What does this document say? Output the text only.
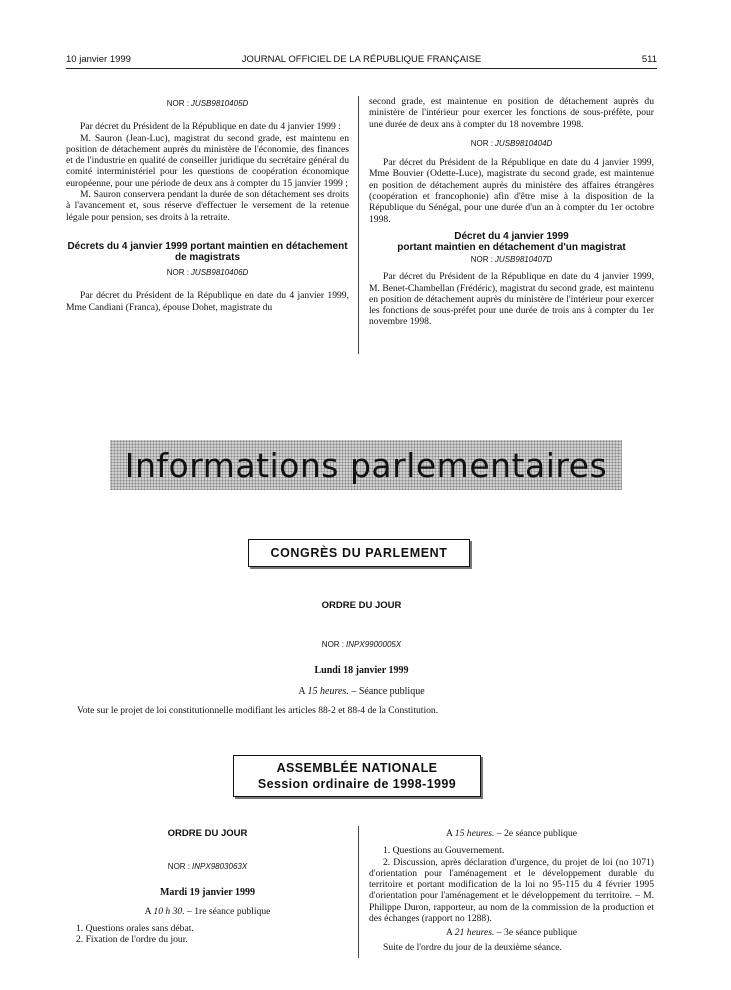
10 janvier 1999	JOURNAL OFFICIEL DE LA RÉPUBLIQUE FRANÇAISE	511

NOR : JUSB9810405D

Par décret du Président de la République en date du 4 janvier 1999 :

M. Sauron (Jean-Luc), magistrat du second grade, est maintenu en position de détachement auprès du ministère de l'économie, des finances et de l'industrie en qualité de conseiller juridique du secrétaire général du comité interministériel pour les questions de coopération économique européenne, pour une période de deux ans à compter du 15 janvier 1999 ;

M. Sauron conservera pendant la durée de son détachement ses droits à l'avancement et, sous réserve d'effectuer le versement de la retenue légale pour pension, ses droits à la retraite.

Décrets du 4 janvier 1999 portant maintien en détachement de magistrats

NOR : JUSB9810406D

Par décret du Président de la République en date du 4 janvier 1999, Mme Candiani (Franca), épouse Dohet, magistrate du

second grade, est maintenue en position de détachement auprès du ministère de l'intérieur pour exercer les fonctions de sous-préfète, pour une durée de deux ans à compter du 18 novembre 1998.

NOR : JUSB9810404D

Par décret du Président de la République en date du 4 janvier 1999, Mme Bouvier (Odette-Luce), magistrate du second grade, est maintenue en position de détachement auprès du ministère des affaires étrangères (coopération et francophonie) afin d'être mise à la disposition de la République du Sénégal, pour une durée d'un an à compter du 1er octobre 1998.

Décret du 4 janvier 1999

portant maintien en détachement d'un magistrat

NOR : JUSB9810407D

Par décret du Président de la République en date du 4 janvier 1999, M. Benet-Chambellan (Frédéric), magistrat du second grade, est maintenu en position de détachement auprès du ministère de l'intérieur pour exercer les fonctions de sous-préfet pour une durée de trois ans à compter du 1er novembre 1998.

Informations parlementaires
CONGRÈS DU PARLEMENT
ORDRE DU JOUR
NOR : INPX9900005X
Lundi 18 janvier 1999
A 15 heures. – Séance publique
Vote sur le projet de loi constitutionnelle modifiant les articles 88-2 et 88-4 de la Constitution.
ASSEMBLÉE NATIONALE
Session ordinaire de 1998-1999
ORDRE DU JOUR

NOR : INPX9803063X

Mardi 19 janvier 1999
A 10 h 30. – 1re séance publique

1. Questions orales sans débat.

2. Fixation de l'ordre du jour.

A 15 heures. – 2e séance publique

1. Questions au Gouvernement.

2. Discussion, après déclaration d'urgence, du projet de loi (no 1071) d'orientation pour l'aménagement et le développement durable du territoire et portant modification de la loi no 95-115 du 4 février 1995 d'orientation pour l'aménagement et le développement du territoire. – M. Philippe Duron, rapporteur, au nom de la commission de la production et des échanges (rapport no 1288).

A 21 heures. – 3e séance publique

Suite de l'ordre du jour de la deuxième séance.
